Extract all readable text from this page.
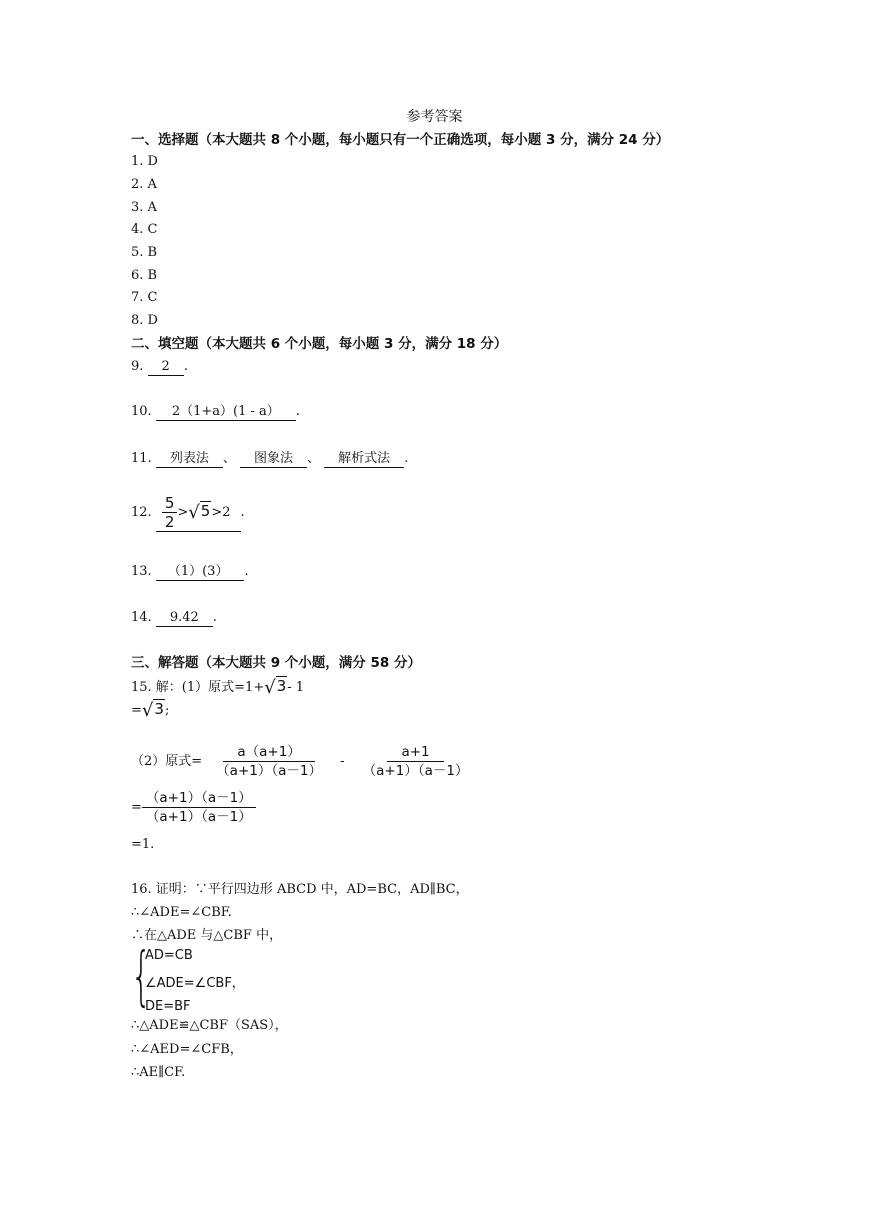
参考答案
一、选择题（本大题共 8 个小题，每小题只有一个正确选项，每小题 3 分，满分 24 分）
1. D
2. A
3. A
4. C
5. B
6. B
7. C
8. D
二、填空题（本大题共 6 个小题，每小题 3 分，满分 18 分）
9. 2 .
10. 2（1+a）(1 - a） .
11. 列表法 、 图象法 、 解析式法 .
12. $\frac{5}{2} >√5>2$ .
13. （1）(3） .
14. 9.42 .
三、解答题（本大题共 9 个小题，满分 58 分）
15. 解：(1）原式=1+√3- 1
=√3;
（2）原式= $\frac{a(a+1)}{(a+1)(a-1)} - \frac{a+1}{(a+1)(a-1)}$
= $\frac{(a+1)(a-1)}{(a+1)(a-1)}$
=1.
16. 证明：∵平行四边形 ABCD 中，AD=BC，AD∥BC，
∴∠ADE=∠CBF.
∴在△ADE 与△CBF 中，
{
AD=CB
∠ADE=∠CBF，
DE=BF
∴△ADE≌△CBF（SAS），
∴∠AED=∠CFB，
∴AE∥CF.
